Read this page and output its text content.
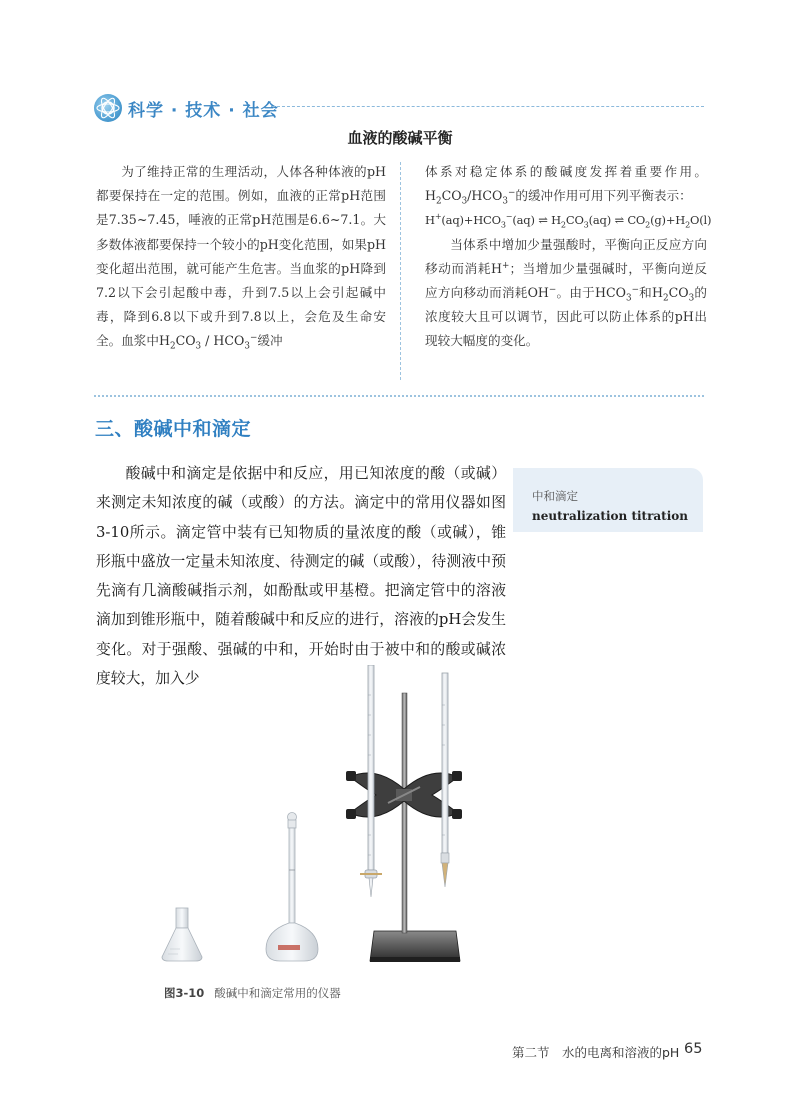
科学 · 技术 · 社会
血液的酸碱平衡

为了维持正常的生理活动，人体各种体液的pH都要保持在一定的范围。例如，血液的正常pH范围是7.35~7.45，唾液的正常pH范围是6.6~7.1。大多数体液都要保持一个较小的pH变化范围，如果pH变化超出范围，就可能产生危害。当血浆的pH降到7.2以下会引起酸中毒，升到7.5以上会引起碱中毒，降到6.8以下或升到7.8以上，会危及生命安全。血浆中$H_2CO_3 / HCO_3^-$缓冲

体系对稳定体系的酸碱度发挥着重要作用。$H_2CO_3/HCO_3^-$的缓冲作用可用下列平衡表示：

$H^+(aq)+HCO_3^-(aq)$ ⇌ $H_2CO_3(aq)$ ⇌ $CO_2(g)+H_2O(l)$

当体系中增加少量强酸时，平衡向正反应方向移动而消耗H+；当增加少量强碱时，平衡向逆反应方向移动而消耗OH−。由于$HCO_3^-$和$H_2CO_3$的浓度较大且可以调节，因此可以防止体系的pH出现较大幅度的变化。

三、酸碱中和滴定

酸碱中和滴定是依据中和反应，用已知浓度的酸（或碱）来测定未知浓度的碱（或酸）的方法。滴定中的常用仪器如图3-10所示。滴定管中装有已知物质的量浓度的酸（或碱），锥形瓶中盛放一定量未知浓度、待测定的碱（或酸），待测液中预先滴有几滴酸碱指示剂，如酚酞或甲基橙。把滴定管中的溶液滴加到锥形瓶中，随着酸碱中和反应的进行，溶液的pH会发生变化。对于强酸、强碱的中和，开始时由于被中和的酸或碱浓度较大，加入少

中和滴定
neutralization titration
图3-10 酸碱中和滴定常用的仪器
第二节　水的电离和溶液的pH 65
